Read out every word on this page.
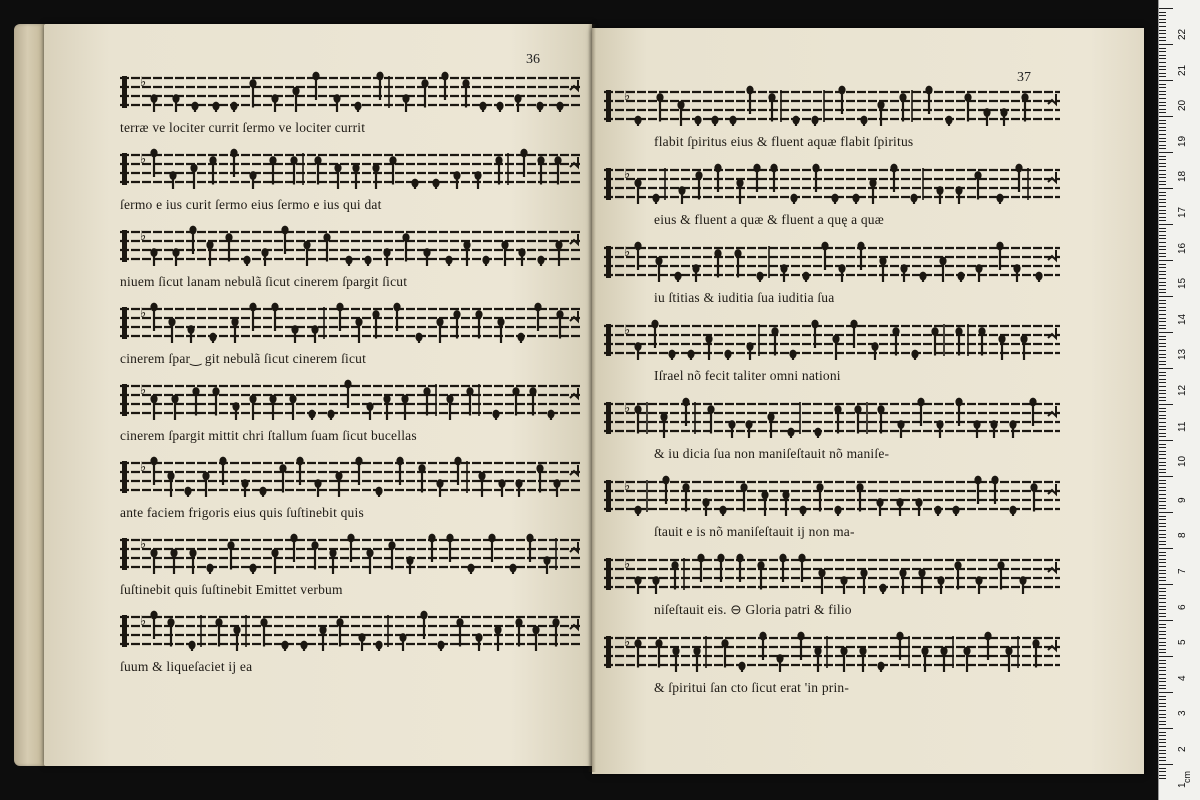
36
37
♭
terræ ve lociter currit ſermo ve lociter currit
♭
ſermo e ius curit ſermo eius ſermo e ius qui dat
♭
niuem ſicut lanam nebulã ſicut cinerem ſpargit ſicut
♭
cinerem ſpar‿ git nebulã ſicut cinerem ſicut
♭
cinerem ſpargit mittit chri ſtallum ſuam ſicut bucellas
♭
ante faciem frigoris eius quis ſuſtinebit quis
♭
ſuſtinebit quis ſuſtinebit Emittet verbum
♭
ſuum & liqueſaciet ij ea
♭
flabit ſpiritus eius & fluent aquæ flabit ſpiritus
♭
eius & fluent a quæ & fluent a quę a quæ
♭
iu ſtitias & iuditia ſua iuditia ſua
♭
Iſrael nõ fecit taliter omni nationi
♭
& iu dicia ſua non maniſeſtauit nõ maniſe-
♭
ſtauit e is nõ maniſeſtauit ij non ma-
♭
niſeſtauit eis. ⊖ Gloria patri & filio
♭
& ſpiritui ſan cto ſicut erat 'in prin-
cm
22
21
20
19
18
17
16
15
14
13
12
11
10
9
8
7
6
5
4
3
2
1
